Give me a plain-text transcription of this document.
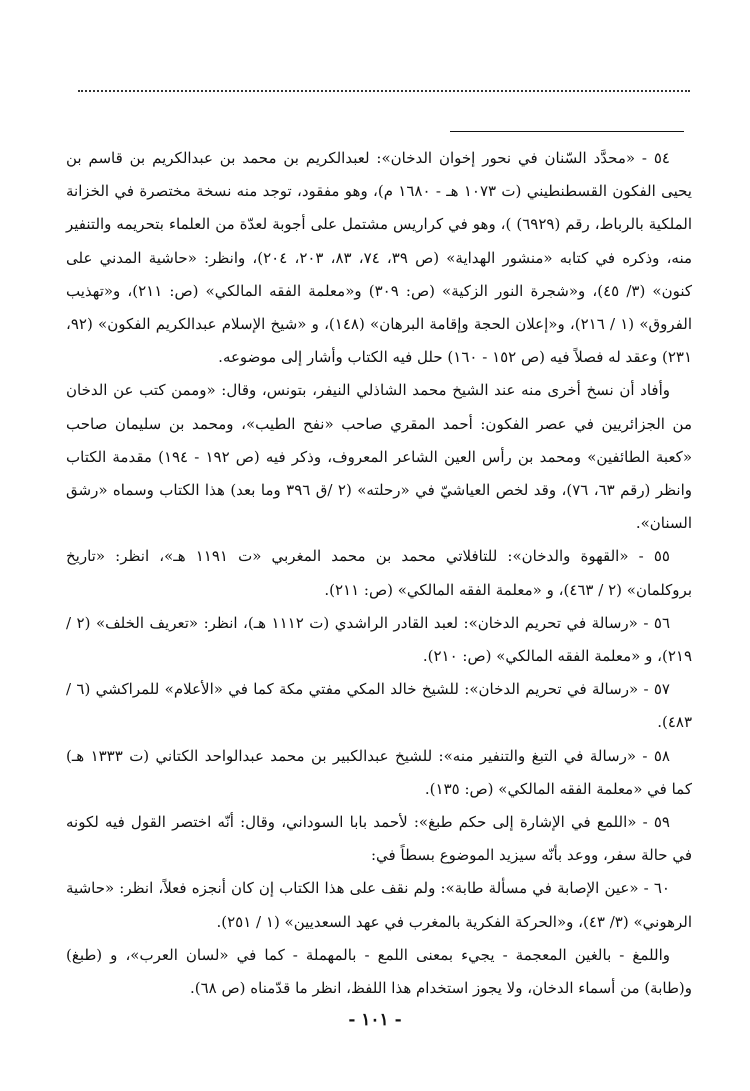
٥٤ - «محدَّد السّنان في نحور إخوان الدخان»: لعبدالكريم بن محمد بن عبدالكريم بن قاسم بن يحيى الفكون القسطنطيني (ت ١٠٧٣ هـ - ١٦٨٠ م)، وهو مفقود، توجد منه نسخة مختصرة في الخزانة الملكية بالرباط، رقم (٦٩٢٩) )، وهو في كراريس مشتمل على أجوبة لعدّة من العلماء بتحريمه والتنفير منه، وذكره في كتابه «منشور الهداية» (ص ٣٩، ٧٤، ٨٣، ٢٠٣، ٢٠٤)، وانظر: «حاشية المدني على كنون» (٣/ ٤٥)، و«شجرة النور الزكية» (ص: ٣٠٩) و«معلمة الفقه المالكي» (ص: ٢١١)، و«تهذيب الفروق» (١ / ٢١٦)، و«إعلان الحجة وإقامة البرهان» (١٤٨)، و «شيخ الإسلام عبدالكريم الفكون» (٩٢، ٢٣١) وعقد له فصلاً فيه (ص ١٥٢ - ١٦٠) حلل فيه الكتاب وأشار إلى موضوعه.

وأفاد أن نسخ أخرى منه عند الشيخ محمد الشاذلي النيفر، بتونس، وقال: «وممن كتب عن الدخان من الجزائريين في عصر الفكون: أحمد المقري صاحب «نفح الطيب»، ومحمد بن سليمان صاحب «كعبة الطائفين» ومحمد بن رأس العين الشاعر المعروف، وذكر فيه (ص ١٩٢ - ١٩٤) مقدمة الكتاب وانظر (رقم ٦٣، ٧٦)، وقد لخص العياشيّ في «رحلته» (٢ /ق ٣٩٦ وما بعد) هذا الكتاب وسماه «رشق السنان».

٥٥ - «القهوة والدخان»: للتافلاتي محمد بن محمد المغربي «ت ١١٩١ هـ»، انظر: «تاريخ بروكلمان» (٢ / ٤٦٣)، و «معلمة الفقه المالكي» (ص: ٢١١).

٥٦ - «رسالة في تحريم الدخان»: لعبد القادر الراشدي (ت ١١١٢ هـ)، انظر: «تعريف الخلف» (٢ / ٢١٩)، و «معلمة الفقه المالكي» (ص: ٢١٠).

٥٧ - «رسالة في تحريم الدخان»: للشيخ خالد المكي مفتي مكة كما في «الأعلام» للمراكشي (٦ / ٤٨٣).

٥٨ - «رسالة في التبغ والتنفير منه»: للشيخ عبدالكبير بن محمد عبدالواحد الكتاني (ت ١٣٣٣ هـ) كما في «معلمة الفقه المالكي» (ص: ١٣٥).

٥٩ - «اللمع في الإشارة إلى حكم طبغ»: لأحمد بابا السوداني، وقال: أنّه اختصر القول فيه لكونه في حالة سفر، ووعد بأنّه سيزيد الموضوع بسطاً في:

٦٠ - «عين الإصابة في مسألة طابة»: ولم نقف على هذا الكتاب إن كان أنجزه فعلاً، انظر: «حاشية الرهوني» (٣/ ٤٣)، و«الحركة الفكرية بالمغرب في عهد السعديين» (١ / ٢٥١).

واللمغ - بالغين المعجمة - يجيء بمعنى اللمع - بالمهملة - كما في «لسان العرب»، و (طبغ) و(طابة) من أسماء الدخان، ولا يجوز استخدام هذا اللفظ، انظر ما قدّمناه (ص ٦٨).

- ١٠١ -
